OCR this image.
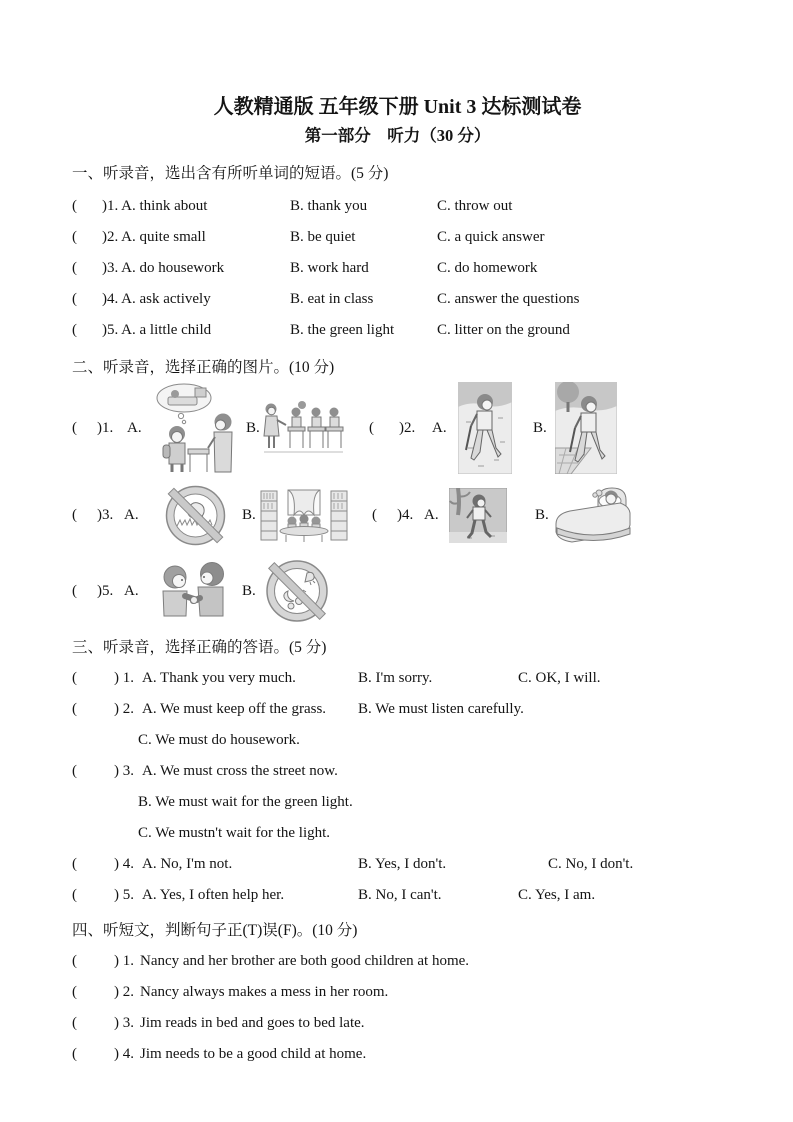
人教精通版 五年级下册 Unit 3 达标测试卷
第一部分　听力（30 分）
一、听录音，选出含有所听单词的短语。(5 分)
(	)1. A. think about	B. thank you	C. throw out
(	)2. A. quite small	B. be quiet	C. a quick answer
(	)3. A. do housework	B. work hard	C. do homework
(	)4. A. ask actively	B. eat in class	C. answer the questions
(	)5. A. a little child	B. the green light	C. litter on the ground
二、听录音，选择正确的图片。(10 分)
(	)1. A.	B.	(	)2.	A.	B.
(	)3. A.	B.	(	)4. A.	B.
(	)5. A.	B.
三、听录音，选择正确的答语。(5 分)
(	) 1. A. Thank you very much.	B. I'm sorry.	C. OK, I will.
(	) 2. A. We must keep off the grass.	B. We must listen carefully.
C. We must do housework.
(	) 3. A. We must cross the street now.
B. We must wait for the green light.
C. We mustn't wait for the light.
(	) 4. A. No, I'm not.	B. Yes, I don't.	C. No, I don't.
(	) 5. A. Yes, I often help her.	B. No, I can't.	C. Yes, I am.
四、听短文，判断句子正(T)误(F)。(10 分)
(	) 1. Nancy and her brother are both good children at home.
(	) 2. Nancy always makes a mess in her room.
(	) 3. Jim reads in bed and goes to bed late.
(	) 4. Jim needs to be a good child at home.
